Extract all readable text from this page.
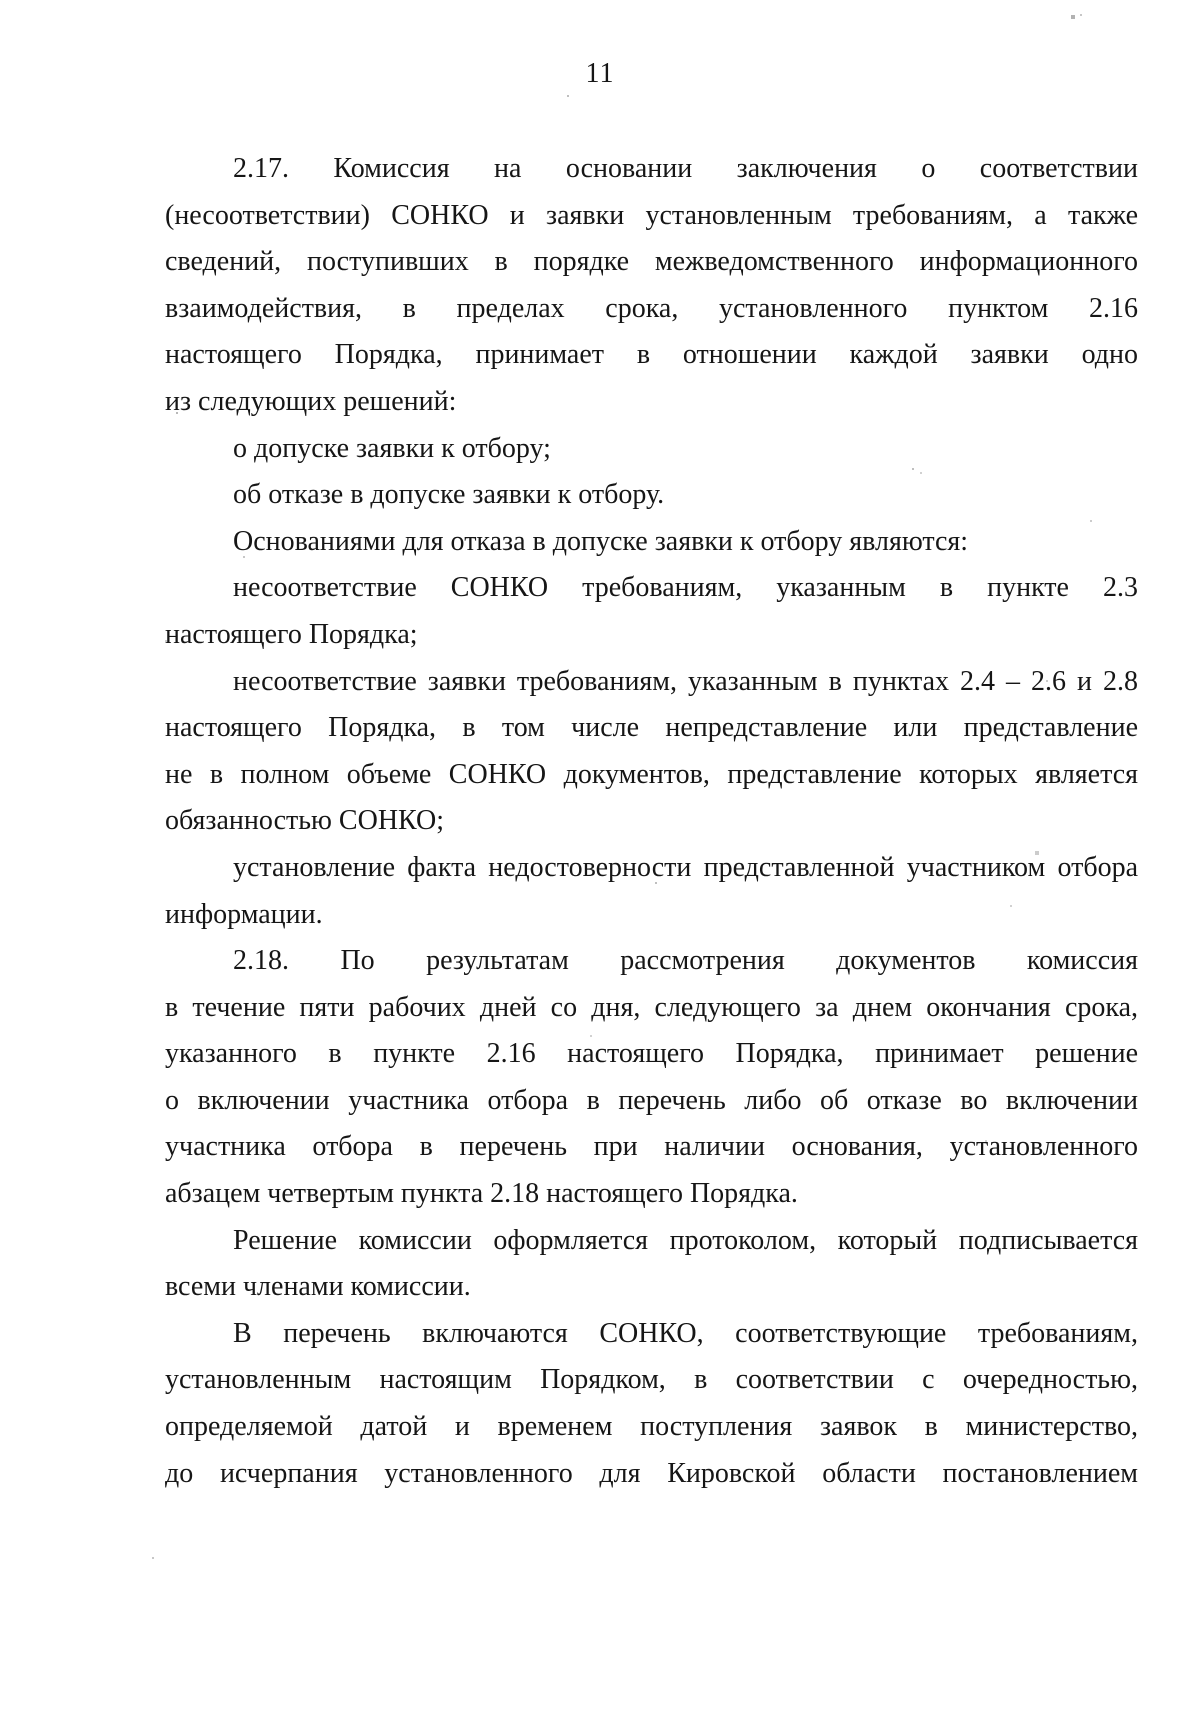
11
2.17. Комиссия на основании заключения о соответствии
(несоответствии) СОНКО и заявки установленным требованиям, а также
сведений, поступивших в порядке межведомственного информационного
взаимодействия, в пределах срока, установленного пунктом 2.16
настоящего Порядка, принимает в отношении каждой заявки одно
из следующих решений:
о допуске заявки к отбору;
об отказе в допуске заявки к отбору.
Основаниями для отказа в допуске заявки к отбору являются:
несоответствие СОНКО требованиям, указанным в пункте 2.3
настоящего Порядка;
несоответствие заявки требованиям, указанным в пунктах 2.4 – 2.6 и 2.8
настоящего Порядка, в том числе непредставление или представление
не в полном объеме СОНКО документов, представление которых является
обязанностью СОНКО;
установление факта недостоверности представленной участником отбора
информации.
2.18. По результатам рассмотрения документов комиссия
в течение пяти рабочих дней со дня, следующего за днем окончания срока,
указанного в пункте 2.16 настоящего Порядка, принимает решение
о включении участника отбора в перечень либо об отказе во включении
участника отбора в перечень при наличии основания, установленного
абзацем четвертым пункта 2.18 настоящего Порядка.
Решение комиссии оформляется протоколом, который подписывается
всеми членами комиссии.
В перечень включаются СОНКО, соответствующие требованиям,
установленным настоящим Порядком, в соответствии с очередностью,
определяемой датой и временем поступления заявок в министерство,
до исчерпания установленного для Кировской области постановлением
